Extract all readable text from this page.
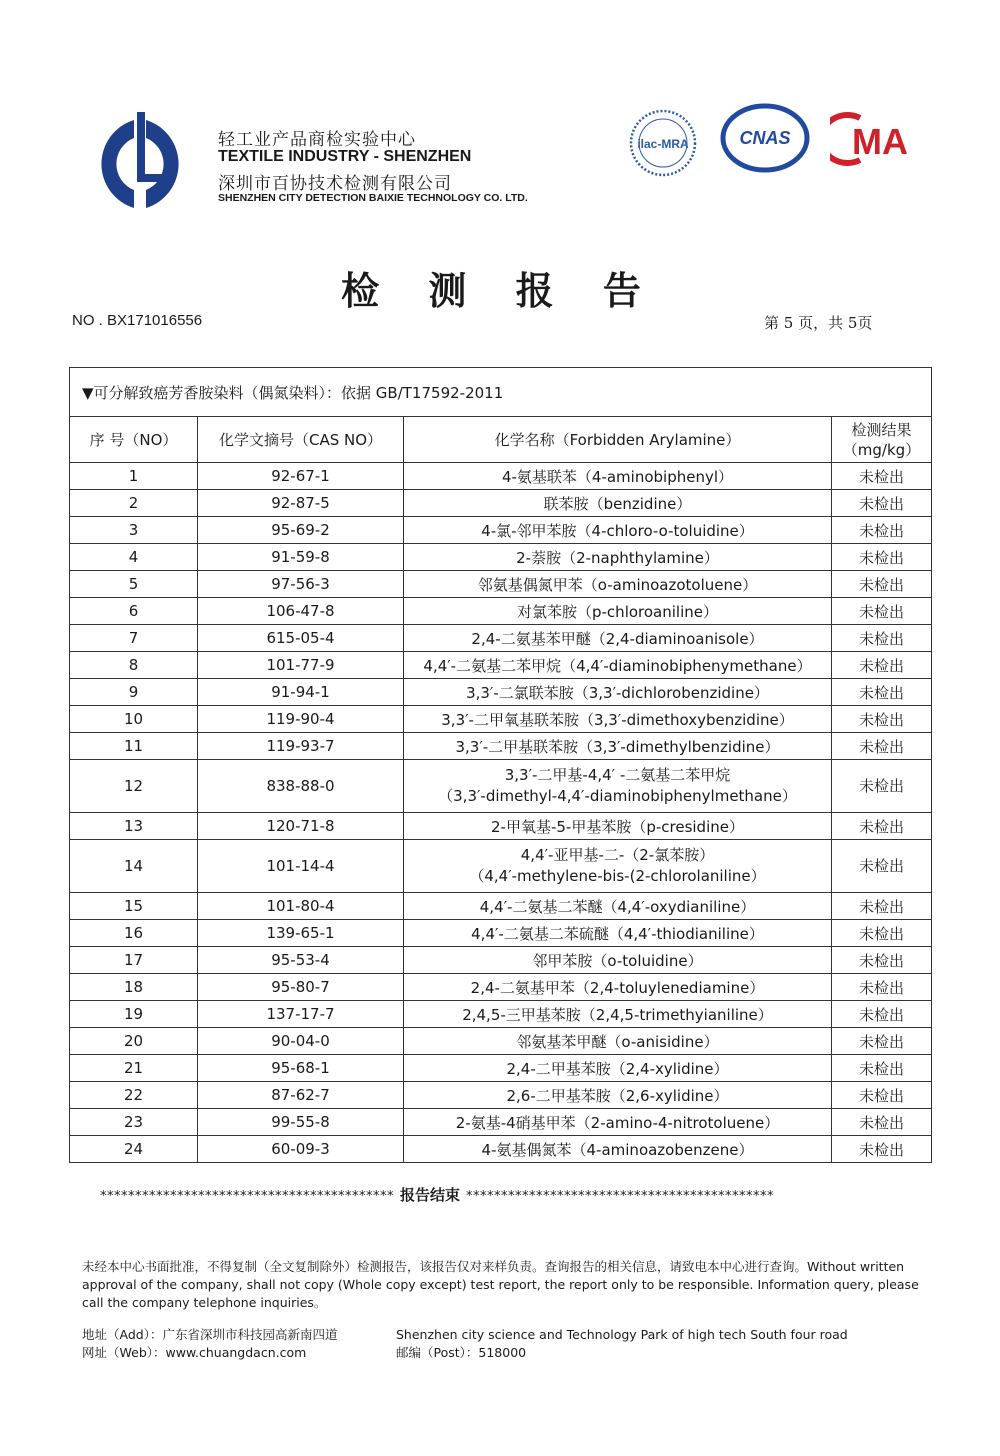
轻工业产品商检实验中心
TEXTILE INDUSTRY - SHENZHEN
深圳市百协技术检测有限公司
SHENZHEN CITY DETECTION BAIXIE TECHNOLOGY CO. LTD.
ilac-MRA	CNAS MA
检 测 报 告
NO . BX171016556	第 5 页，共 5页
▼可分解致癌芳香胺染料（偶氮染料）：依据 GB/T17592-2011			
序 号（NO）	化学文摘号（CAS NO）	化学名称（Forbidden Arylamine）	检测结果
（mg/kg）

1	92-67-1	4-氨基联苯（4-aminobiphenyl）	未检出
2	92-87-5	联苯胺（benzidine）	未检出
3	95-69-2	4-氯-邻甲苯胺（4-chloro-o-toluidine）	未检出
4	91-59-8	2-萘胺（2-naphthylamine）	未检出
5	97-56-3	邻氨基偶氮甲苯（o-aminoazotoluene）	未检出
6	106-47-8	对氯苯胺（p-chloroaniline）	未检出
7	615-05-4	2,4-二氨基苯甲醚（2,4-diaminoanisole）	未检出
8	101-77-9	4,4′-二氨基二苯甲烷（4,4′-diaminobiphenymethane）	未检出
9	91-94-1	3,3′-二氯联苯胺（3,3′-dichlorobenzidine）	未检出
10	119-90-4	3,3′-二甲氧基联苯胺（3,3′-dimethoxybenzidine）	未检出
11	119-93-7	3,3′-二甲基联苯胺（3,3′-dimethylbenzidine）	未检出
12	838-88-0	3,3′-二甲基-4,4′ -二氨基二苯甲烷
（3,3′-dimethyl-4,4′-diaminobiphenylmethane）	未检出
13	120-71-8	2-甲氧基-5-甲基苯胺（p-cresidine）	未检出
14	101-14-4	4,4′-亚甲基-二-（2-氯苯胺）
（4,4′-methylene-bis-(2-chlorolaniline）	未检出
15	101-80-4	4,4′-二氨基二苯醚（4,4′-oxydianiline）	未检出
16	139-65-1	4,4′-二氨基二苯硫醚（4,4′-thiodianiline）	未检出
17	95-53-4	邻甲苯胺（o-toluidine）	未检出
18	95-80-7	2,4-二氨基甲苯（2,4-toluylenediamine）	未检出
19	137-17-7	2,4,5-三甲基苯胺（2,4,5-trimethyianiline）	未检出
20	90-04-0	邻氨基苯甲醚（o-anisidine）	未检出
21	95-68-1	2,4-二甲基苯胺（2,4-xylidine）	未检出
22	87-62-7	2,6-二甲基苯胺（2,6-xylidine）	未检出
23	99-55-8	2-氨基-4硝基甲苯（2-amino-4-nitrotoluene）	未检出
24	60-09-3	4-氨基偶氮苯（4-aminoazobenzene）	未检出
****************************************** 报告结束 ********************************************
未经本中心书面批准，不得复制（全文复制除外）检测报告，该报告仅对来样负责。查询报告的相关信息，请致电本中心进行查询。Without written approval of the company, shall not copy (Whole copy except) test report, the report only to be responsible. Information query, please call the company telephone inquiries。
地址（Add）：广东省深圳市科技园高新南四道
网址（Web）：www.chuangdacn.com
Shenzhen city science and Technology Park of high tech South four road
邮编（Post）：518000
